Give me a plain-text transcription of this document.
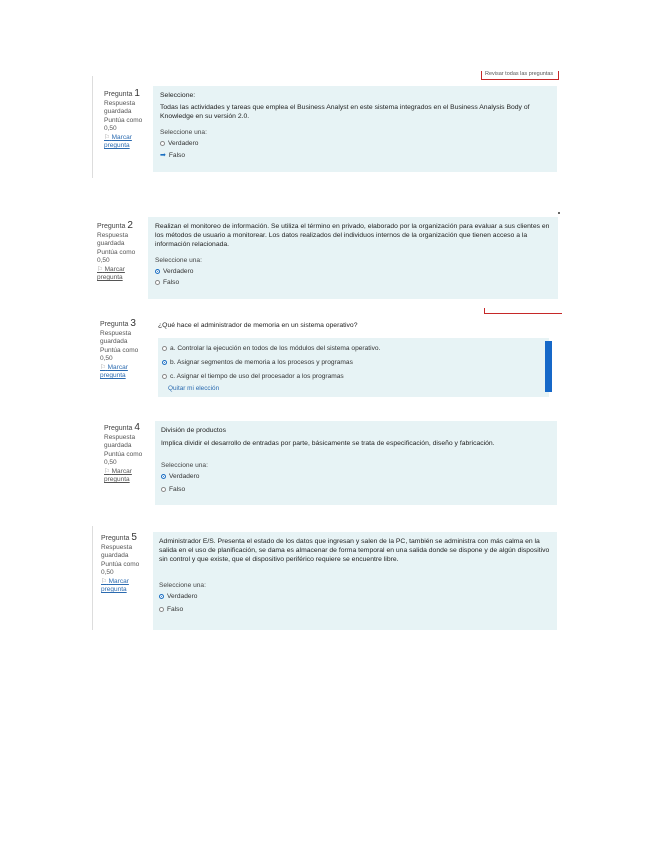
Revisar todas las preguntas
Pregunta 1
Respuesta guardada
Puntúa como 0,50
⚐ Marcar pregunta
Seleccione:
Todas las actividades y tareas que emplea el Business Analyst en este sistema integrados en el Business Analysis Body of Knowledge en su versión 2.0.
Seleccione una:
Verdadero
➡ Falso
Pregunta 2
Respuesta guardada
Puntúa como 0,50
⚐ Marcar pregunta
Realizan el monitoreo de información. Se utiliza el término en privado, elaborado por la organización para evaluar a sus clientes en los métodos de usuario a monitorear. Los datos realizados del individuos internos de la organización que tienen acceso a la información relacionada.
Seleccione una:
Verdadero
Falso
Pregunta 3
Respuesta guardada
Puntúa como 0,50
⚐ Marcar pregunta
¿Qué hace el administrador de memoria en un sistema operativo?
a. Controlar la ejecución en todos de los módulos del sistema operativo.
b. Asignar segmentos de memoria a los procesos y programas
c. Asignar el tiempo de uso del procesador a los programas
Quitar mi elección
Pregunta 4
Respuesta guardada
Puntúa como 0,50
⚐ Marcar pregunta
División de productos
Implica dividir el desarrollo de entradas por parte, básicamente se trata de especificación, diseño y fabricación.
Seleccione una:
Verdadero
Falso
Pregunta 5
Respuesta guardada
Puntúa como 0,50
⚐ Marcar pregunta
Administrador E/S. Presenta el estado de los datos que ingresan y salen de la PC, también se administra con más calma en la salida en el uso de planificación, se dama es almacenar de forma temporal en una salida donde se dispone y de algún dispositivo sin control y que existe, que el dispositivo periférico requiere se encuentre libre.
Seleccione una:
Verdadero
Falso
